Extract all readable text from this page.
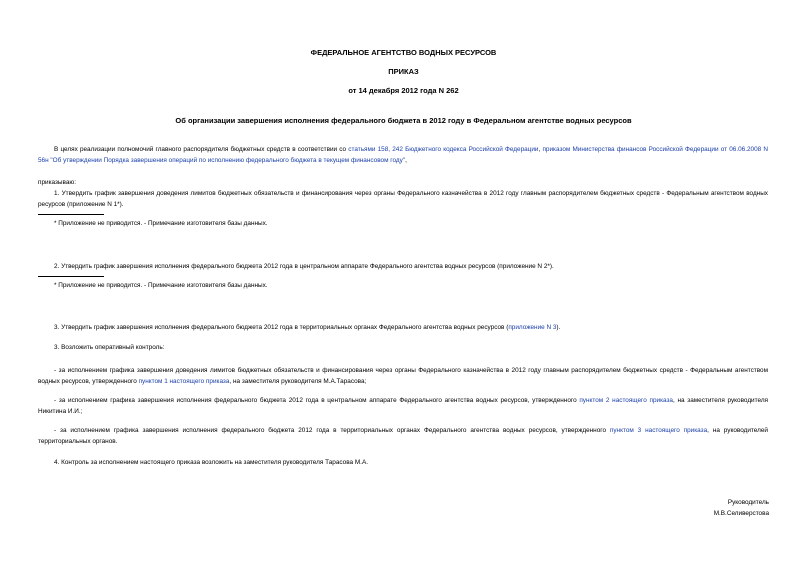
ФЕДЕРАЛЬНОЕ АГЕНТСТВО ВОДНЫХ РЕСУРСОВ
ПРИКАЗ
от 14 декабря 2012 года N 262
Об организации завершения исполнения федерального бюджета в 2012 году в Федеральном агентстве водных ресурсов
В целях реализации полномочий главного распорядителя бюджетных средств в соответствии со статьями 158, 242 Бюджетного кодекса Российской Федерации, приказом Министерства финансов Российской Федерации от 06.06.2008 N 56н "Об утверждении Порядка завершения операций по исполнению федерального бюджета в текущем финансовом году",
приказываю:
1. Утвердить график завершения доведения лимитов бюджетных обязательств и финансирования через органы Федерального казначейства в 2012 году главным распорядителем бюджетных средств - Федеральным агентством водных ресурсов (приложение N 1*).
* Приложение не приводится. - Примечание изготовителя базы данных.
2. Утвердить график завершения исполнения федерального бюджета 2012 года в центральном аппарате Федерального агентства водных ресурсов (приложение N 2*).
* Приложение не приводится. - Примечание изготовителя базы данных.
3. Утвердить график завершения исполнения федерального бюджета 2012 года в территориальных органах Федерального агентства водных ресурсов (приложение N 3).
3. Возложить оперативный контроль:
- за исполнением графика завершения доведения лимитов бюджетных обязательств и финансирования через органы Федерального казначейства в 2012 году главным распорядителем бюджетных средств - Федеральным агентством водных ресурсов, утвержденного пунктом 1 настоящего приказа, на заместителя руководителя М.А.Тарасова;
- за исполнением графика завершения исполнения федерального бюджета 2012 года в центральном аппарате Федерального агентства водных ресурсов, утвержденного пунктом 2 настоящего приказа, на заместителя руководителя Никитина И.И.;
- за исполнением графика завершения исполнения федерального бюджета 2012 года в территориальных органах Федерального агентства водных ресурсов, утвержденного пунктом 3 настоящего приказа, на руководителей территориальных органов.
4. Контроль за исполнением настоящего приказа возложить на заместителя руководителя Тарасова М.А.
Руководитель
М.В.Селиверстова
